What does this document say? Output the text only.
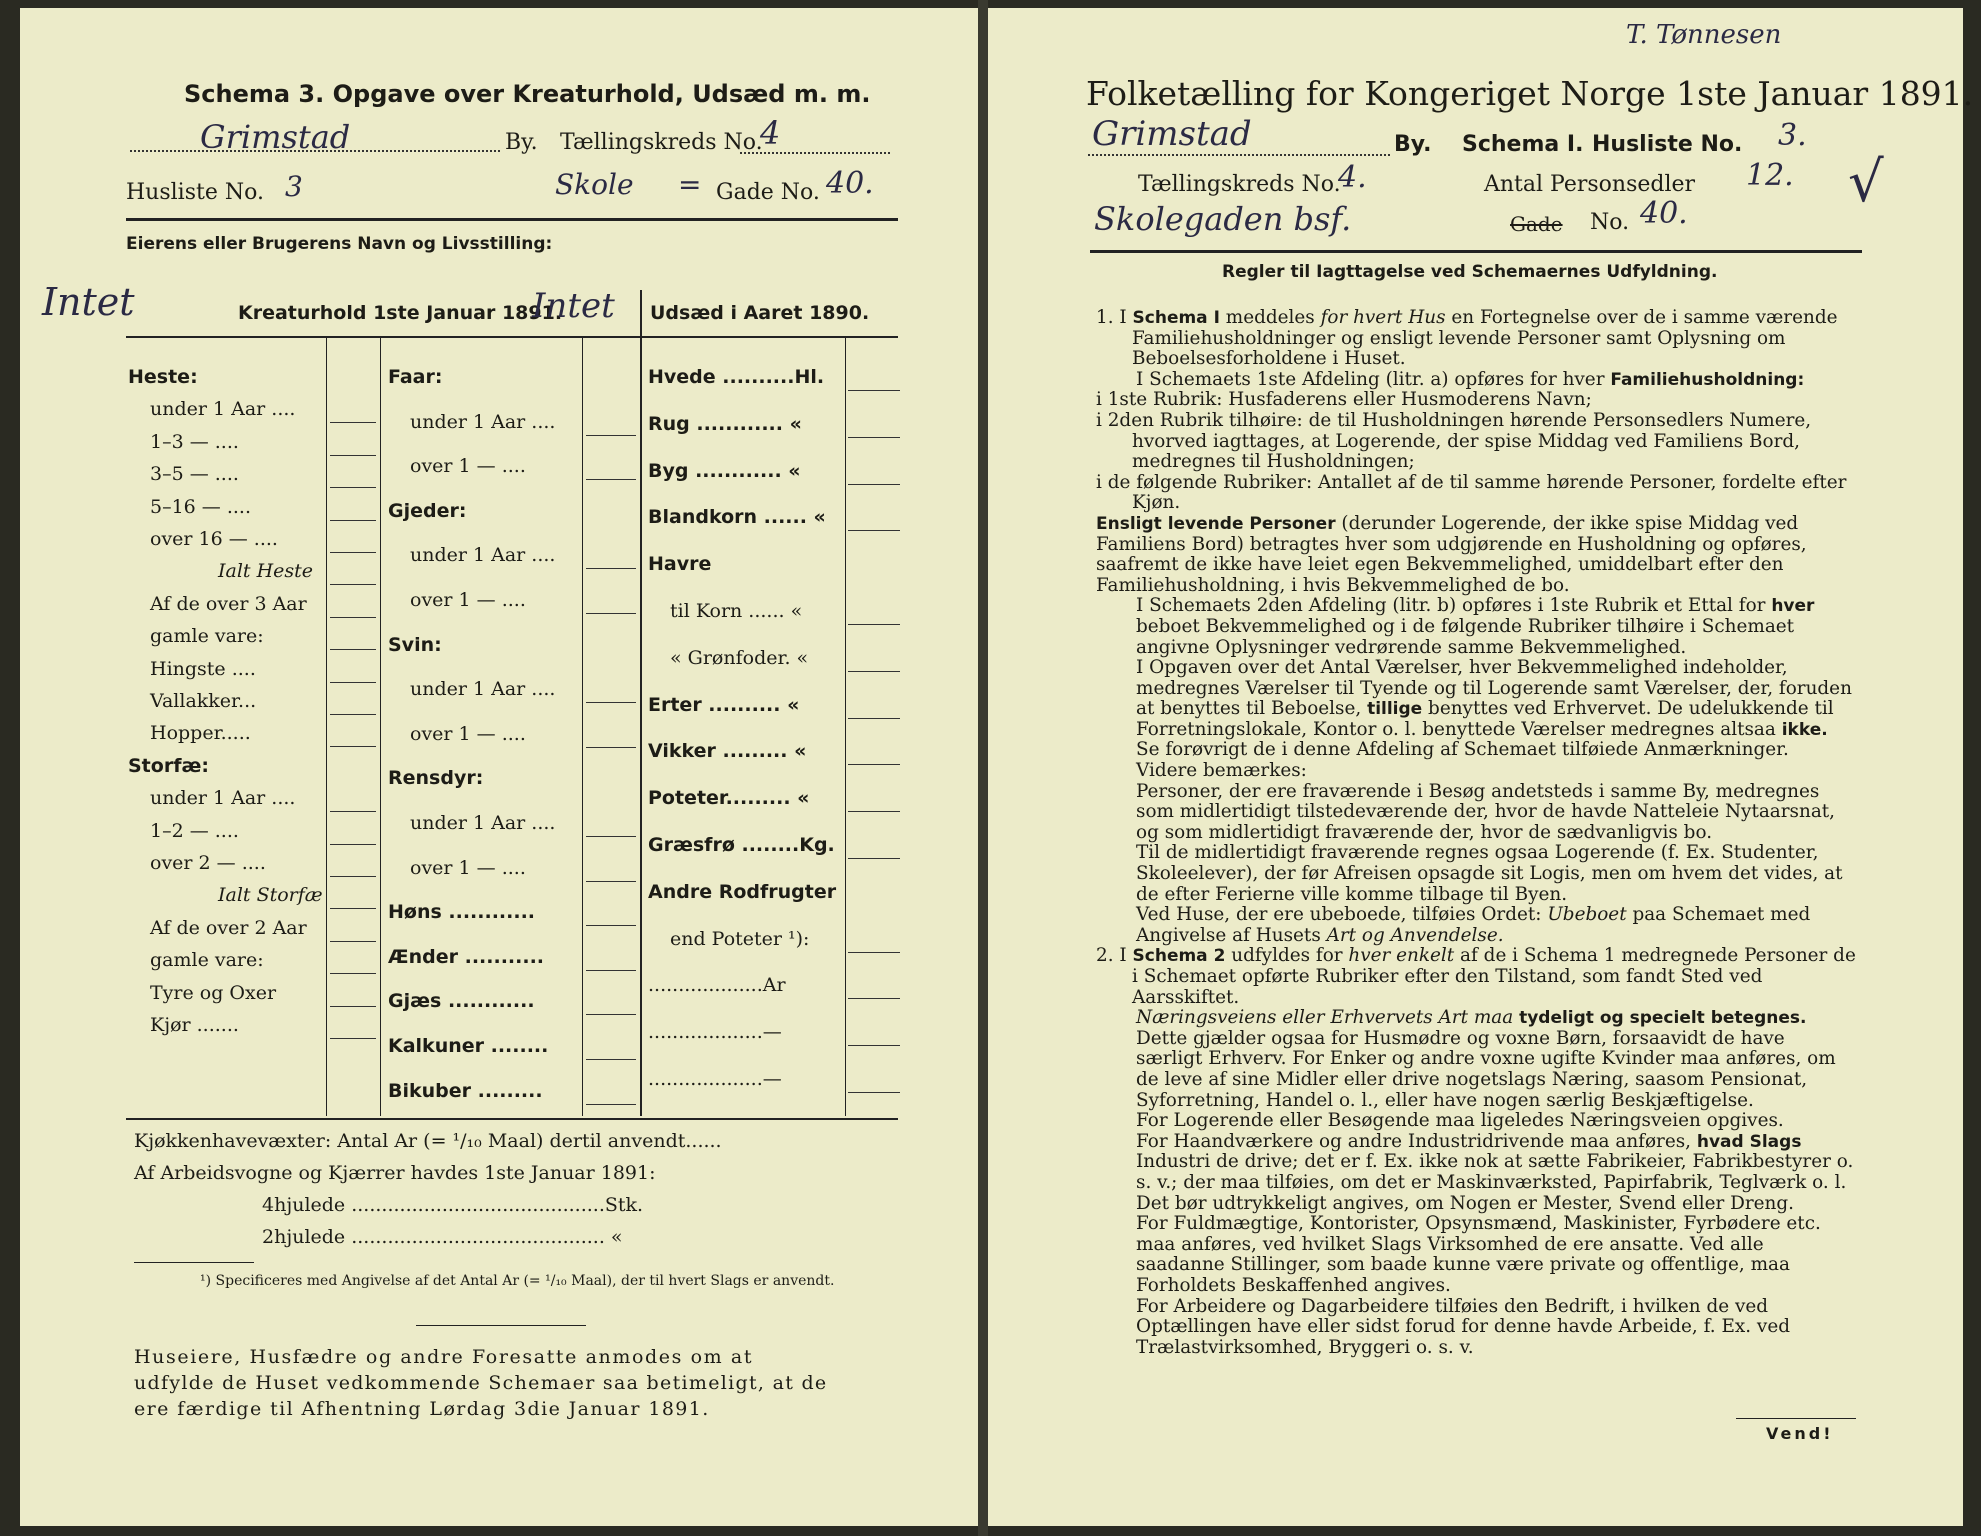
Schema 3. Opgave over Kreaturhold, Udsæd m. m.
Grimstad	By. Tællingskreds No.
4
Husliste No. 3	Skole = Gade No. 40.
Eierens eller Brugerens Navn og Livsstilling:
Intet	Kreaturhold 1ste Januar 1891.
Intet Udsæd i Aaret 1890.
Heste:
under 1 Aar ....
1–3 — ....
3–5 — ....
5–16 — ....
over 16 — ....
Ialt Heste
Af de over 3 Aar
gamle vare:
Hingste ....
Vallakker...
Hopper.....
Storfæ:
under 1 Aar ....
1–2 — ....
over 2 — ....
Ialt Storfæ
Af de over 2 Aar
gamle vare:
Tyre og Oxer
Kjør .......
Faar:
under 1 Aar ....
over 1 — ....
Gjeder:
under 1 Aar ....
over 1 — ....
Svin:
under 1 Aar ....
over 1 — ....
Rensdyr:
under 1 Aar ....
over 1 — ....
Høns ............
Ænder ...........
Gjæs ............
Kalkuner ........
Bikuber .........
Hvede ..........Hl.
Rug ............ «
Byg ............ «
Blandkorn ...... «
Havre
til Korn ...... «
« Grønfoder. «
Erter .......... «
Vikker ......... «
Poteter......... «
Græsfrø ........Kg.
Andre Rodfrugter
end Poteter ¹):
...................Ar
...................—
...................—
Kjøkkenhavevæxter: Antal Ar (= ¹/₁₀ Maal) dertil anvendt......
Af Arbeidsvogne og Kjærrer havdes 1ste Januar 1891:
4hjulede ..........................................Stk.
2hjulede .......................................... «
¹) Specificeres med Angivelse af det Antal Ar (= ¹/₁₀ Maal), der til hvert Slags er anvendt.
Huseiere, Husfædre og andre Foresatte anmodes om at
udfylde de Huset vedkommende Schemaer saa betimeligt, at de
ere færdige til Afhentning Lørdag 3die Januar 1891.
T. Tønnesen
Folketælling for Kongeriget Norge 1ste Januar 1891.
Grimstad	By. Schema I. Husliste No. 3.
Tællingskreds No.
4.	Antal Personsedler 12. √
Skolegaden bsf.	Gade No. 40.
Regler til Iagttagelse ved Schemaernes Udfyldning.

1. I Schema I meddeles for hvert Hus en Fortegnelse over de i samme værende Familiehusholdninger og ensligt levende Personer samt Oplysning om Beboelsesforholdene i Huset.

I Schemaets 1ste Afdeling (litr. a) opføres for hver Familiehusholdning:

i 1ste Rubrik: Husfaderens eller Husmoderens Navn;

i 2den Rubrik tilhøire: de til Husholdningen hørende Personsedlers Numere, hvorved iagttages, at Logerende, der spise Middag ved Familiens Bord, medregnes til Husholdningen;

i de følgende Rubriker: Antallet af de til samme hørende Personer, fordelte efter Kjøn.

Ensligt levende Personer (derunder Logerende, der ikke spise Middag ved Familiens Bord) betragtes hver som udgjørende en Husholdning og opføres, saafremt de ikke have leiet egen Bekvemmelighed, umiddelbart efter den Familiehusholdning, i hvis Bekvemmelighed de bo.

I Schemaets 2den Afdeling (litr. b) opføres i 1ste Rubrik et Ettal for hver beboet Bekvemmelighed og i de følgende Rubriker tilhøire i Schemaet angivne Oplysninger vedrørende samme Bekvemmelighed.

I Opgaven over det Antal Værelser, hver Bekvemmelighed indeholder, medregnes Værelser til Tyende og til Logerende samt Værelser, der, foruden at benyttes til Beboelse, tillige benyttes ved Erhvervet. De udelukkende til Forretningslokale, Kontor o. l. benyttede Værelser medregnes altsaa ikke.

Se forøvrigt de i denne Afdeling af Schemaet tilføiede Anmærkninger.

Videre bemærkes:

Personer, der ere fraværende i Besøg andetsteds i samme By, medregnes som midlertidigt tilstedeværende der, hvor de havde Natteleie Nytaarsnat, og som midlertidigt fraværende der, hvor de sædvanligvis bo.

Til de midlertidigt fraværende regnes ogsaa Logerende (f. Ex. Studenter, Skoleelever), der før Afreisen opsagde sit Logis, men om hvem det vides, at de efter Ferierne ville komme tilbage til Byen.

Ved Huse, der ere ubeboede, tilføies Ordet: Ubeboet paa Schemaet med Angivelse af Husets Art og Anvendelse.

2. I Schema 2 udfyldes for hver enkelt af de i Schema 1 medregnede Personer de i Schemaet opførte Rubriker efter den Tilstand, som fandt Sted ved Aarsskiftet.

Næringsveiens eller Erhvervets Art maa tydeligt og specielt betegnes. Dette gjælder ogsaa for Husmødre og voxne Børn, forsaavidt de have særligt Erhverv. For Enker og andre voxne ugifte Kvinder maa anføres, om de leve af sine Midler eller drive nogetslags Næring, saasom Pensionat, Syforretning, Handel o. l., eller have nogen særlig Beskjæftigelse.

For Logerende eller Besøgende maa ligeledes Næringsveien opgives.

For Haandværkere og andre Industridrivende maa anføres, hvad Slags Industri de drive; det er f. Ex. ikke nok at sætte Fabrikeier, Fabrikbestyrer o. s. v.; der maa tilføies, om det er Maskinværksted, Papirfabrik, Teglværk o. l. Det bør udtrykkeligt angives, om Nogen er Mester, Svend eller Dreng.

For Fuldmægtige, Kontorister, Opsynsmænd, Maskinister, Fyrbødere etc. maa anføres, ved hvilket Slags Virksomhed de ere ansatte. Ved alle saadanne Stillinger, som baade kunne være private og offentlige, maa Forholdets Beskaffenhed angives.

For Arbeidere og Dagarbeidere tilføies den Bedrift, i hvilken de ved Optællingen have eller sidst forud for denne havde Arbeide, f. Ex. ved Trælastvirksomhed, Bryggeri o. s. v.

Vend!
